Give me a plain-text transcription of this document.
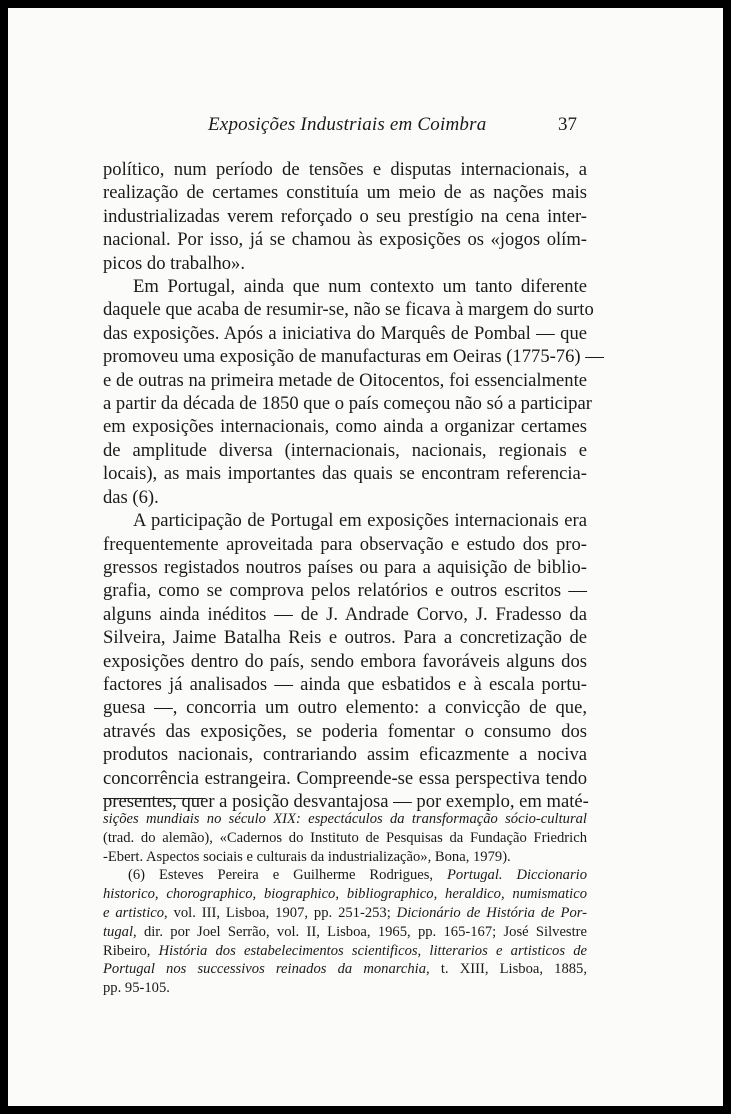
Exposições Industriais em Coimbra	37
político, num período de tensões e disputas internacionais, a
realização de certames constituía um meio de as nações mais
industrializadas verem reforçado o seu prestígio na cena inter-
nacional. Por isso, já se chamou às exposições os «jogos olím-
picos do trabalho».
Em Portugal, ainda que num contexto um tanto diferente
daquele que acaba de resumir-se, não se ficava à margem do surto
das exposições. Após a iniciativa do Marquês de Pombal — que
promoveu uma exposição de manufacturas em Oeiras (1775-76) —
e de outras na primeira metade de Oitocentos, foi essencialmente
a partir da década de 1850 que o país começou não só a participar
em exposições internacionais, como ainda a organizar certames
de amplitude diversa (internacionais, nacionais, regionais e
locais), as mais importantes das quais se encontram referencia-
das (6).
A participação de Portugal em exposições internacionais era
frequentemente aproveitada para observação e estudo dos pro-
gressos registados noutros países ou para a aquisição de biblio-
grafia, como se comprova pelos relatórios e outros escritos —
alguns ainda inéditos — de J. Andrade Corvo, J. Fradesso da
Silveira, Jaime Batalha Reis e outros. Para a concretização de
exposições dentro do país, sendo embora favoráveis alguns dos
factores já analisados — ainda que esbatidos e à escala portu-
guesa —, concorria um outro elemento: a convicção de que,
através das exposições, se poderia fomentar o consumo dos
produtos nacionais, contrariando assim eficazmente a nociva
concorrência estrangeira. Compreende-se essa perspectiva tendo
presentes, quer a posição desvantajosa — por exemplo, em maté-
sições mundiais no século XIX: espectáculos da transformação sócio-cultural
(trad. do alemão), «Cadernos do Instituto de Pesquisas da Fundação Friedrich
-Ebert. Aspectos sociais e culturais da industrialização», Bona, 1979).
(6) Esteves Pereira e Guilherme Rodrigues, Portugal. Diccionario
historico, chorographico, biographico, bibliographico, heraldico, numismatico
e artistico, vol. III, Lisboa, 1907, pp. 251-253; Dicionário de História de Por-
tugal, dir. por Joel Serrão, vol. II, Lisboa, 1965, pp. 165-167; José Silvestre
Ribeiro, História dos estabelecimentos scientificos, litterarios e artisticos de
Portugal nos successivos reinados da monarchia, t. XIII, Lisboa, 1885,
pp. 95-105.
